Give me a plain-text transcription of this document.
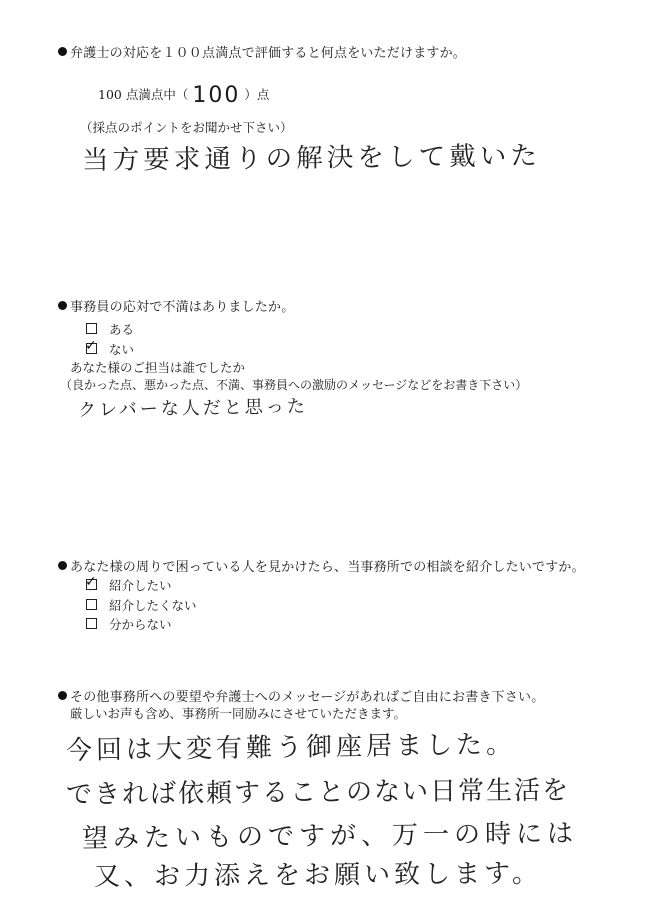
弁護士の対応を１００点満点で評価すると何点をいただけますか。
100 点満点中（ 100 ）点
（採点のポイントをお聞かせ下さい）
当方要求通りの解決をして戴いた
事務員の応対で不満はありましたか。
ある
✓ ない
あなた様のご担当は誰でしたか
（良かった点、悪かった点、不満、事務員への激励のメッセージなどをお書き下さい）
クレバーな人だと思った
あなた様の周りで困っている人を見かけたら、当事務所での相談を紹介したいですか。
✓ 紹介したい
紹介したくない
分からない
その他事務所への要望や弁護士へのメッセージがあればご自由にお書き下さい。
厳しいお声も含め、事務所一同励みにさせていただきます。
今回は大変有難う御座居ました。
できれば依頼することのない日常生活を
望みたいものですが、万一の時には
又、お力添えをお願い致します。
